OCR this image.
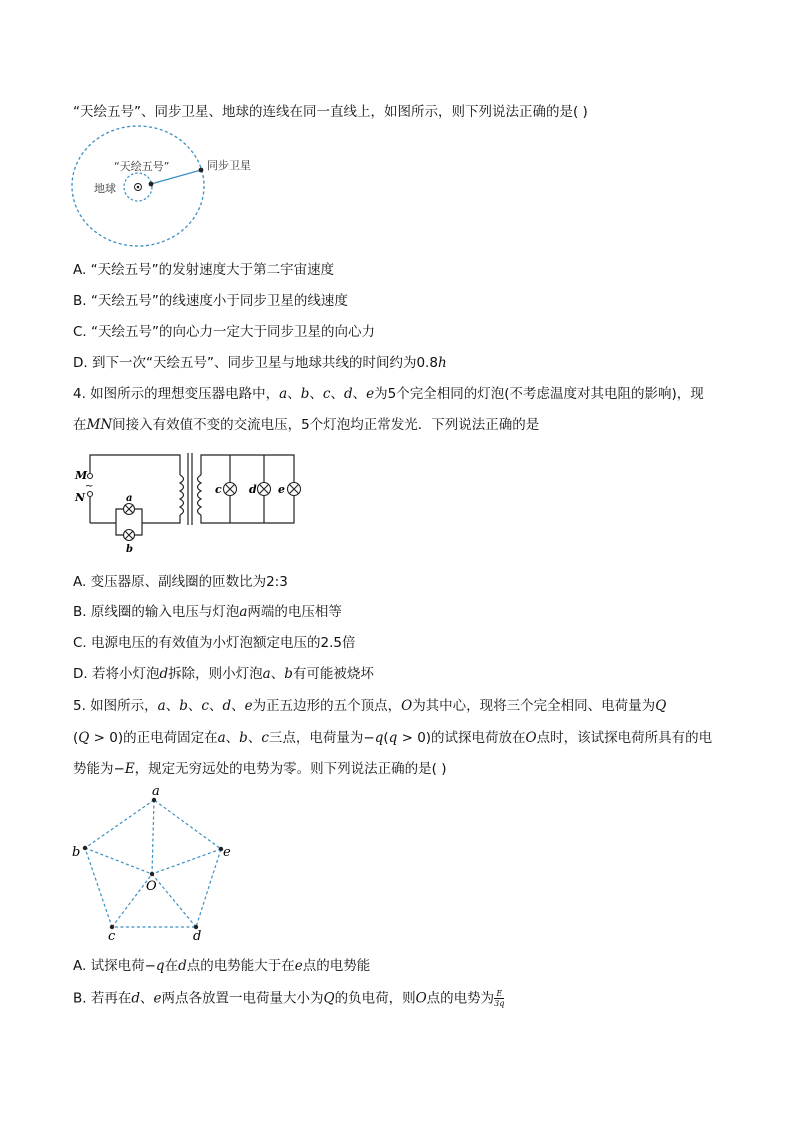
“天绘五号”、同步卫星、地球的连线在同一直线上，如图所示，则下列说法正确的是( )
“天绘五号”	同步卫星
地球
A. “天绘五号”的发射速度大于第二宇宙速度
B. “天绘五号”的线速度小于同步卫星的线速度
C. “天绘五号”的向心力一定大于同步卫星的向心力
D. 到下一次“天绘五号”、同步卫星与地球共线的时间约为0.8h
4. 如图所示的理想变压器电路中，a、b、c、d、e为5个完全相同的灯泡(不考虑温度对其电阻的影响)，现
在MN间接入有效值不变的交流电压，5个灯泡均正常发光．下列说法正确的是
M
~
N	a
b
c d e
A. 变压器原、副线圈的匝数比为2:3
B. 原线圈的输入电压与灯泡a两端的电压相等
C. 电源电压的有效值为小灯泡额定电压的2.5倍
D. 若将小灯泡d拆除，则小灯泡a、b有可能被烧坏
5. 如图所示，a、b、c、d、e为正五边形的五个顶点，O为其中心，现将三个完全相同、电荷量为Q
(Q > 0)的正电荷固定在a、b、c三点，电荷量为−q(q > 0)的试探电荷放在O点时，该试探电荷所具有的电
势能为−E，规定无穷远处的电势为零。则下列说法正确的是( )
a
b
c	d
e
O
A. 试探电荷−q在d点的电势能大于在e点的电势能
B. 若再在d、e两点各放置一电荷量大小为Q的负电荷，则O点的电势为 $\frac{E}{3q}$
